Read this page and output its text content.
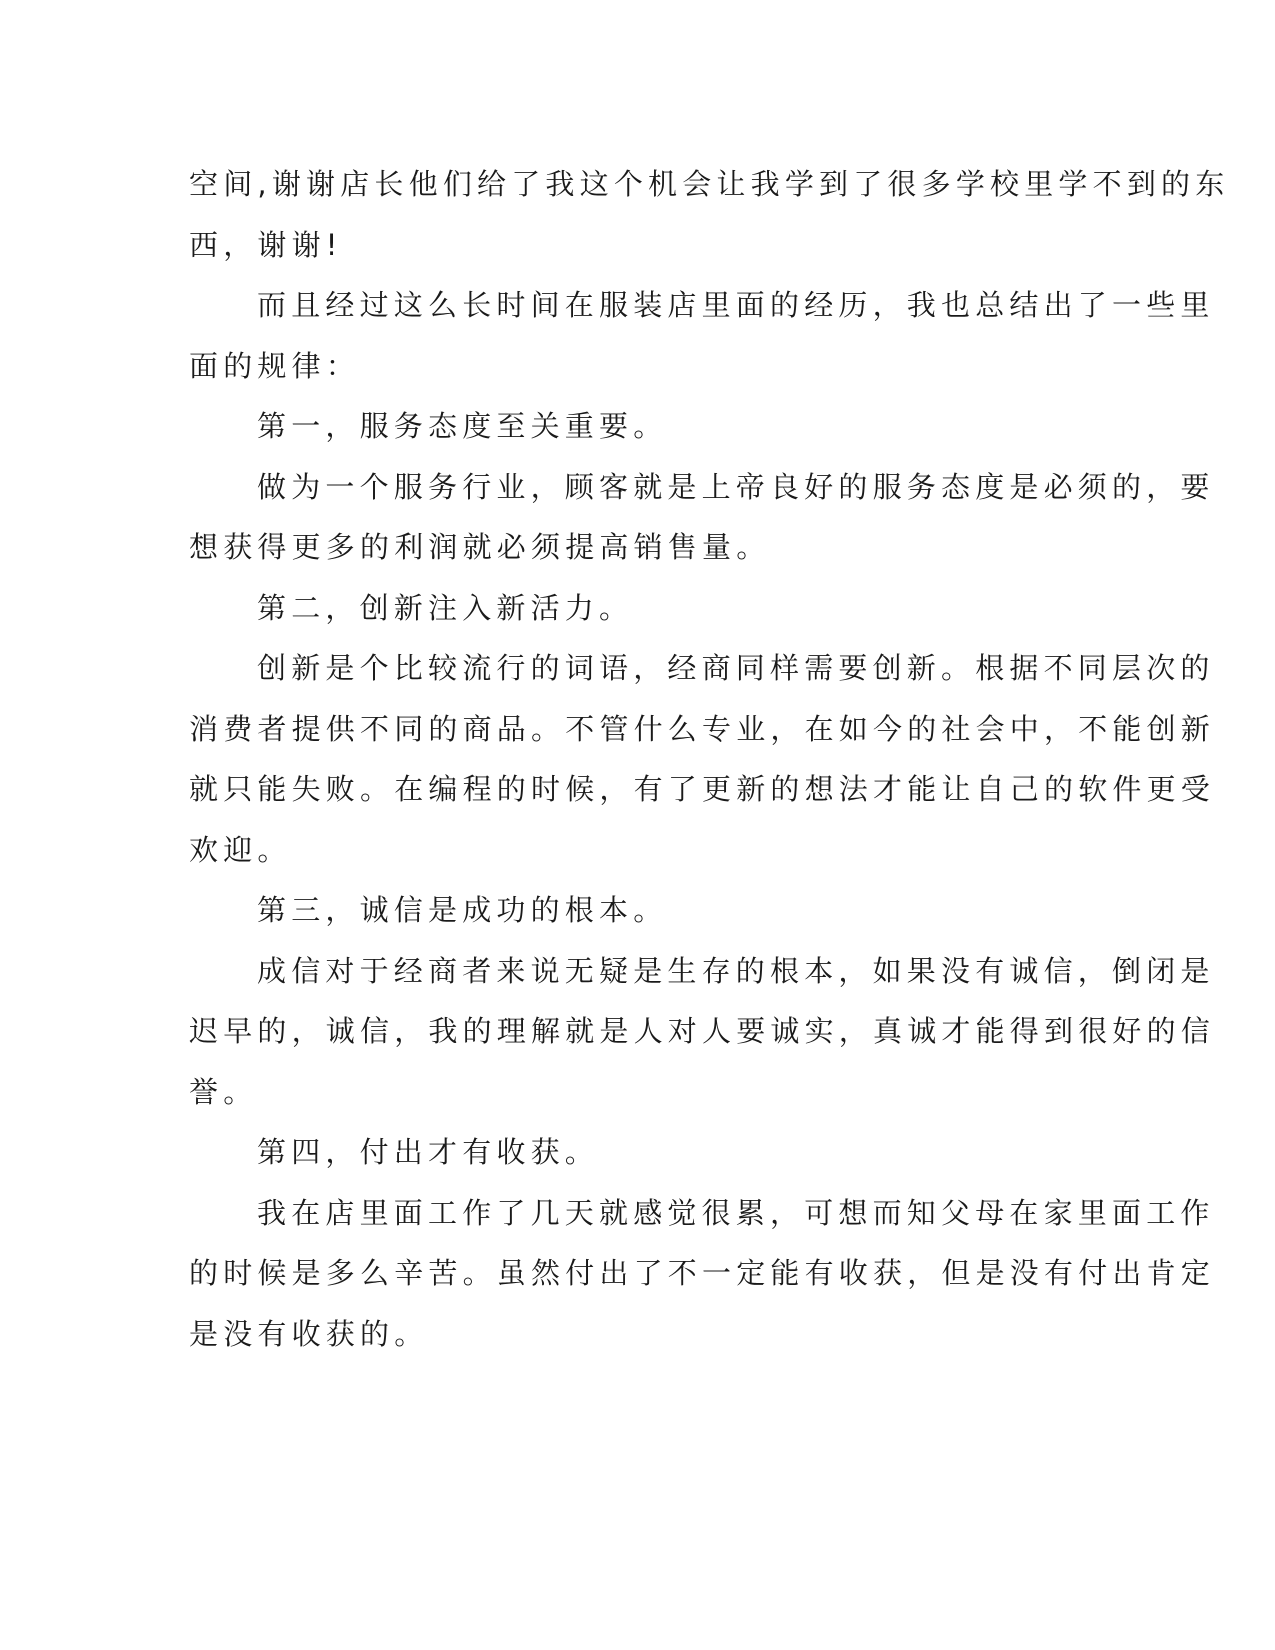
空间,谢谢店长他们给了我这个机会让我学到了很多学校里学不到的东

西，谢谢!

而且经过这么长时间在服装店里面的经历，我也总结出了一些里

面的规律：

第一，服务态度至关重要。

做为一个服务行业，顾客就是上帝良好的服务态度是必须的，要

想获得更多的利润就必须提高销售量。

第二，创新注入新活力。

创新是个比较流行的词语，经商同样需要创新。根据不同层次的

消费者提供不同的商品。不管什么专业，在如今的社会中，不能创新

就只能失败。在编程的时候，有了更新的想法才能让自己的软件更受

欢迎。

第三，诚信是成功的根本。

成信对于经商者来说无疑是生存的根本，如果没有诚信，倒闭是

迟早的，诚信，我的理解就是人对人要诚实，真诚才能得到很好的信

誉。

第四，付出才有收获。

我在店里面工作了几天就感觉很累，可想而知父母在家里面工作

的时候是多么辛苦。虽然付出了不一定能有收获，但是没有付出肯定

是没有收获的。
